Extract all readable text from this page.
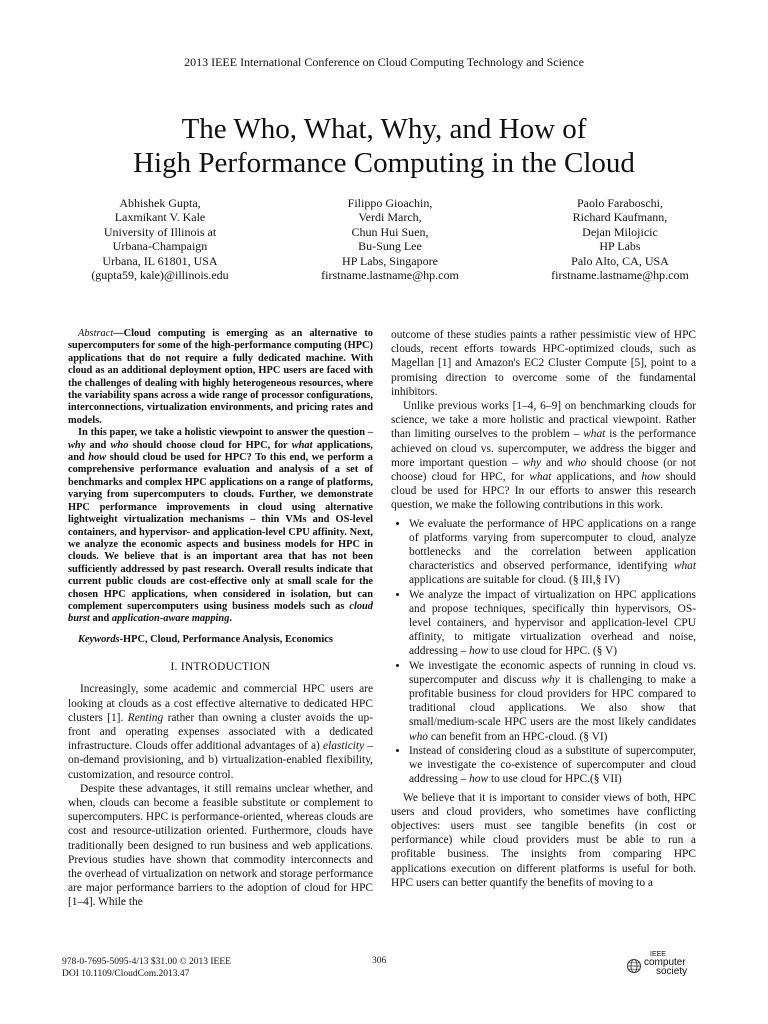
2013 IEEE International Conference on Cloud Computing Technology and Science
The Who, What, Why, and How of
High Performance Computing in the Cloud
Abhishek Gupta,
Laxmikant V. Kale
University of Illinois at
Urbana-Champaign
Urbana, IL 61801, USA
(gupta59, kale)@illinois.edu
Filippo Gioachin,
Verdi March,
Chun Hui Suen,
Bu-Sung Lee
HP Labs, Singapore
firstname.lastname@hp.com
Paolo Faraboschi,
Richard Kaufmann,
Dejan Milojicic
HP Labs
Palo Alto, CA, USA
firstname.lastname@hp.com

Abstract—Cloud computing is emerging as an alternative to supercomputers for some of the high-performance computing (HPC) applications that do not require a fully dedicated machine. With cloud as an additional deployment option, HPC users are faced with the challenges of dealing with highly heterogeneous resources, where the variability spans across a wide range of processor configurations, interconnections, virtualization environments, and pricing rates and models.

In this paper, we take a holistic viewpoint to answer the question – why and who should choose cloud for HPC, for what applications, and how should cloud be used for HPC? To this end, we perform a comprehensive performance evaluation and analysis of a set of benchmarks and complex HPC applications on a range of platforms, varying from supercomputers to clouds. Further, we demonstrate HPC performance improvements in cloud using alternative lightweight virtualization mechanisms – thin VMs and OS-level containers, and hypervisor- and application-level CPU affinity. Next, we analyze the economic aspects and business models for HPC in clouds. We believe that is an important area that has not been sufficiently addressed by past research. Overall results indicate that current public clouds are cost-effective only at small scale for the chosen HPC applications, when considered in isolation, but can complement supercomputers using business models such as cloud burst and application-aware mapping.

Keywords-HPC, Cloud, Performance Analysis, Economics
I. INTRODUCTION

Increasingly, some academic and commercial HPC users are looking at clouds as a cost effective alternative to dedicated HPC clusters [1]. Renting rather than owning a cluster avoids the up-front and operating expenses associated with a dedicated infrastructure. Clouds offer additional advantages of a) elasticity – on-demand provisioning, and b) virtualization-enabled flexibility, customization, and resource control.

Despite these advantages, it still remains unclear whether, and when, clouds can become a feasible substitute or complement to supercomputers. HPC is performance-oriented, whereas clouds are cost and resource-utilization oriented. Furthermore, clouds have traditionally been designed to run business and web applications. Previous studies have shown that commodity interconnects and the overhead of virtualization on network and storage performance are major performance barriers to the adoption of cloud for HPC [1–4]. While the

outcome of these studies paints a rather pessimistic view of HPC clouds, recent efforts towards HPC-optimized clouds, such as Magellan [1] and Amazon's EC2 Cluster Compute [5], point to a promising direction to overcome some of the fundamental inhibitors.

Unlike previous works [1–4, 6–9] on benchmarking clouds for science, we take a more holistic and practical viewpoint. Rather than limiting ourselves to the problem – what is the performance achieved on cloud vs. supercomputer, we address the bigger and more important question – why and who should choose (or not choose) cloud for HPC, for what applications, and how should cloud be used for HPC? In our efforts to answer this research question, we make the following contributions in this work.

• We evaluate the performance of HPC applications on a range of platforms varying from supercomputer to cloud, analyze bottlenecks and the correlation between application characteristics and observed performance, identifying what applications are suitable for cloud. (§ III,§ IV)
• We analyze the impact of virtualization on HPC applications and propose techniques, specifically thin hypervisors, OS-level containers, and hypervisor and application-level CPU affinity, to mitigate virtualization overhead and noise, addressing – how to use cloud for HPC. (§ V)
• We investigate the economic aspects of running in cloud vs. supercomputer and discuss why it is challenging to make a profitable business for cloud providers for HPC compared to traditional cloud applications. We also show that small/medium-scale HPC users are the most likely candidates who can benefit from an HPC-cloud. (§ VI)
• Instead of considering cloud as a substitute of supercomputer, we investigate the co-existence of supercomputer and cloud addressing – how to use cloud for HPC.(§ VII)

We believe that it is important to consider views of both, HPC users and cloud providers, who sometimes have conflicting objectives: users must see tangible benefits (in cost or performance) while cloud providers must be able to run a profitable business. The insights from comparing HPC applications execution on different platforms is useful for both. HPC users can better quantify the benefits of moving to a

978-0-7695-5095-4/13 $31.00 © 2013 IEEE
DOI 10.1109/CloudCom.2013.47
306
IEEE
computer
society
